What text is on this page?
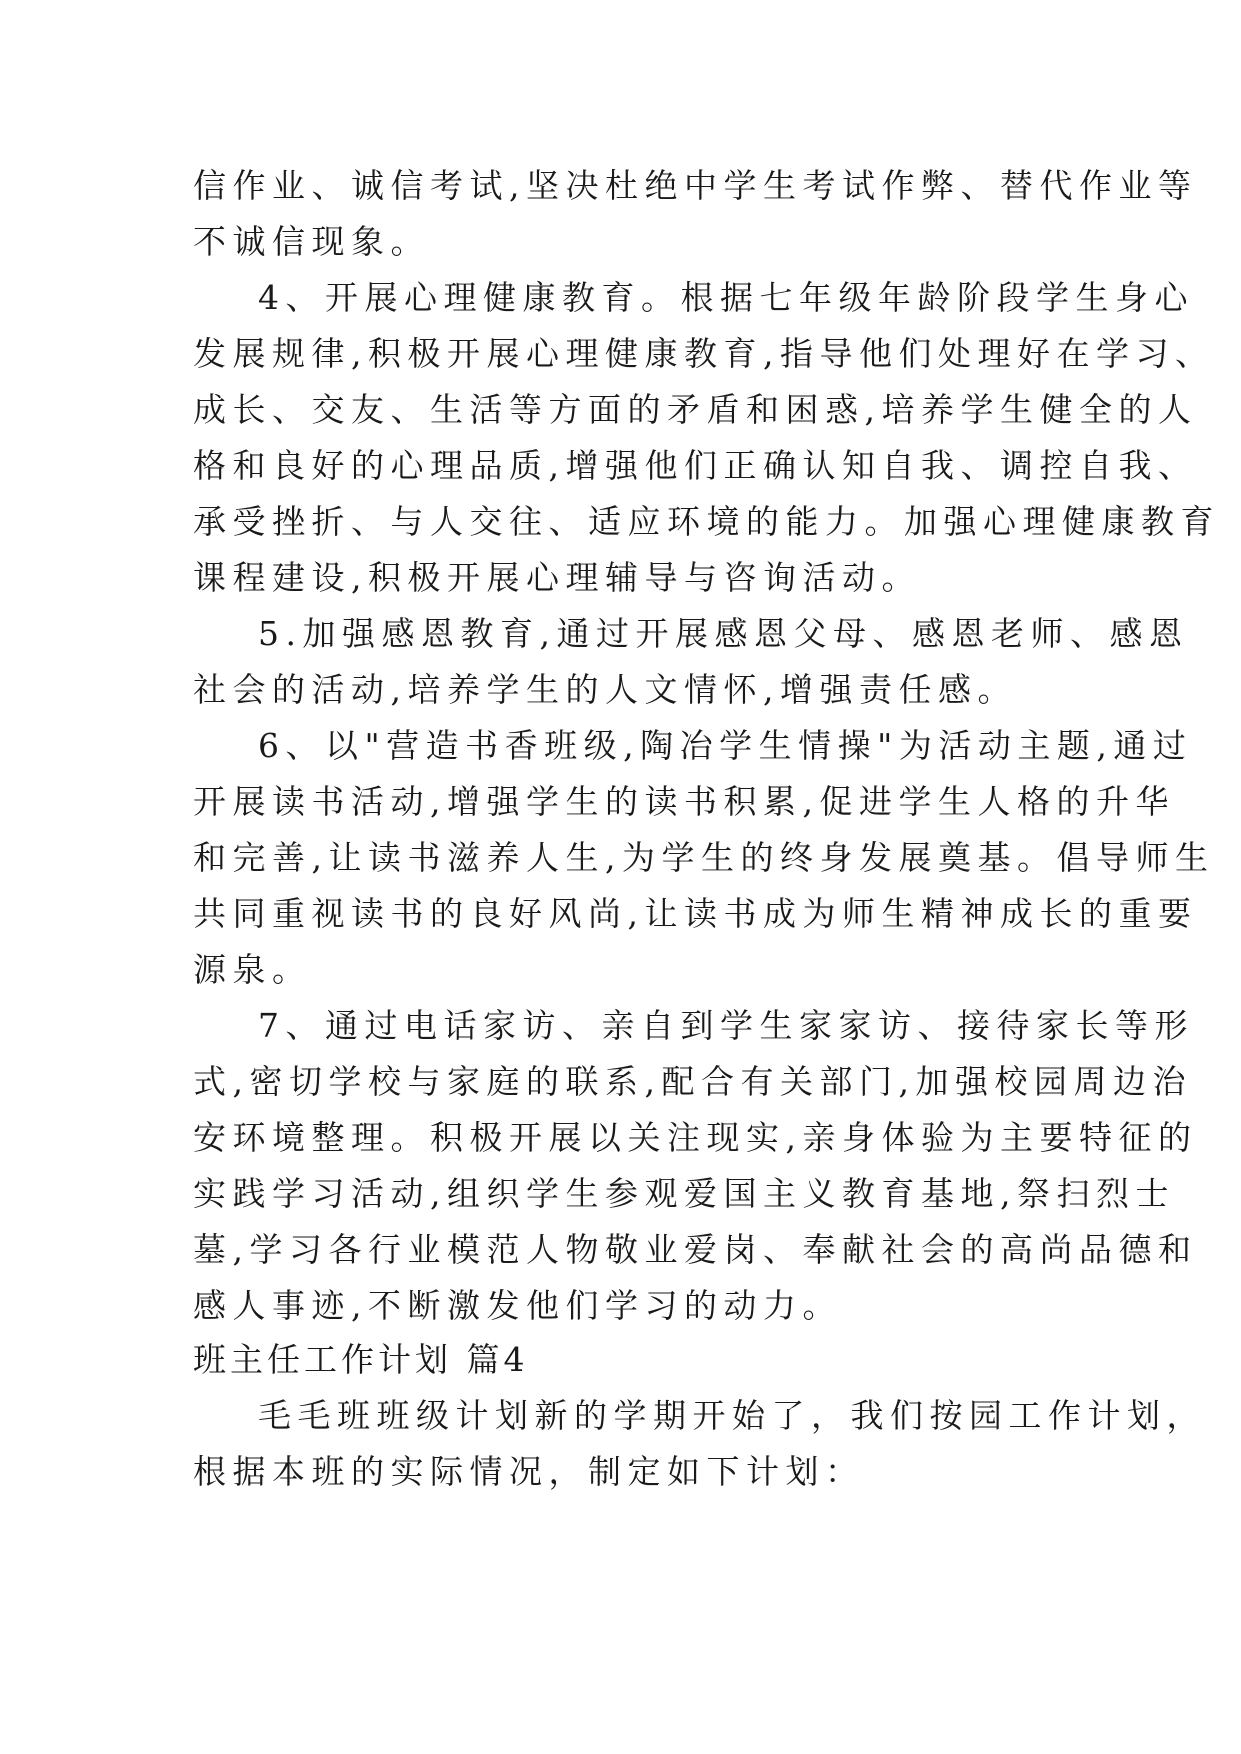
信作业、诚信考试,坚决杜绝中学生考试作弊、替代作业等
不诚信现象。
4、开展心理健康教育。根据七年级年龄阶段学生身心
发展规律,积极开展心理健康教育,指导他们处理好在学习、
成长、交友、生活等方面的矛盾和困惑,培养学生健全的人
格和良好的心理品质,增强他们正确认知自我、调控自我、
承受挫折、与人交往、适应环境的能力。加强心理健康教育
课程建设,积极开展心理辅导与咨询活动。
5.加强感恩教育,通过开展感恩父母、感恩老师、感恩
社会的活动,培养学生的人文情怀,增强责任感。
6、以"营造书香班级,陶冶学生情操"为活动主题,通过
开展读书活动,增强学生的读书积累,促进学生人格的升华
和完善,让读书滋养人生,为学生的终身发展奠基。倡导师生
共同重视读书的良好风尚,让读书成为师生精神成长的重要
源泉。
7、通过电话家访、亲自到学生家家访、接待家长等形
式,密切学校与家庭的联系,配合有关部门,加强校园周边治
安环境整理。积极开展以关注现实,亲身体验为主要特征的
实践学习活动,组织学生参观爱国主义教育基地,祭扫烈士
墓,学习各行业模范人物敬业爱岗、奉献社会的高尚品德和
感人事迹,不断激发他们学习的动力。
班主任工作计划 篇4
毛毛班班级计划新的学期开始了，我们按园工作计划，
根据本班的实际情况，制定如下计划：
